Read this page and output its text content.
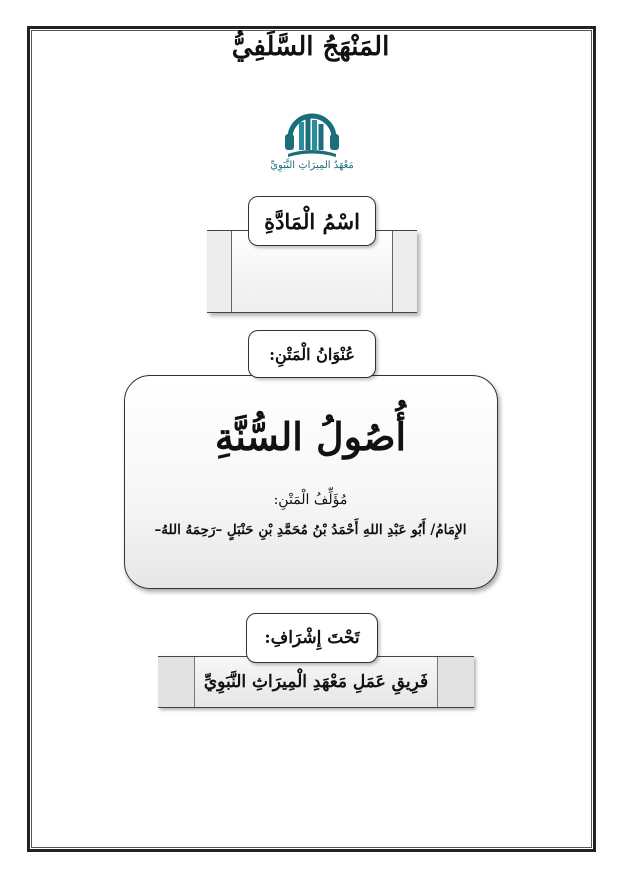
مَعْهَدُ المِيرَاثِ النَّبَوِيِّ
اسْمُ الْمَادَّةِ
المَنْهَجُ السَّلَفِيُّ
عُنْوَانُ الْمَتْنِ:
أُصُولُ السُّنَّةِ
مُؤَلِّفُ الْمَتْنِ:
الإِمَامُ/ أَبُو عَبْدِ اللهِ أَحْمَدُ بْنُ مُحَمَّدِ بْنِ حَنْبَلٍ –رَحِمَهُ اللهُ–
تَحْتَ إِشْرَافِ:
فَرِيقِ عَمَلِ مَعْهَدِ الْمِيرَاثِ النَّبَوِيِّ
